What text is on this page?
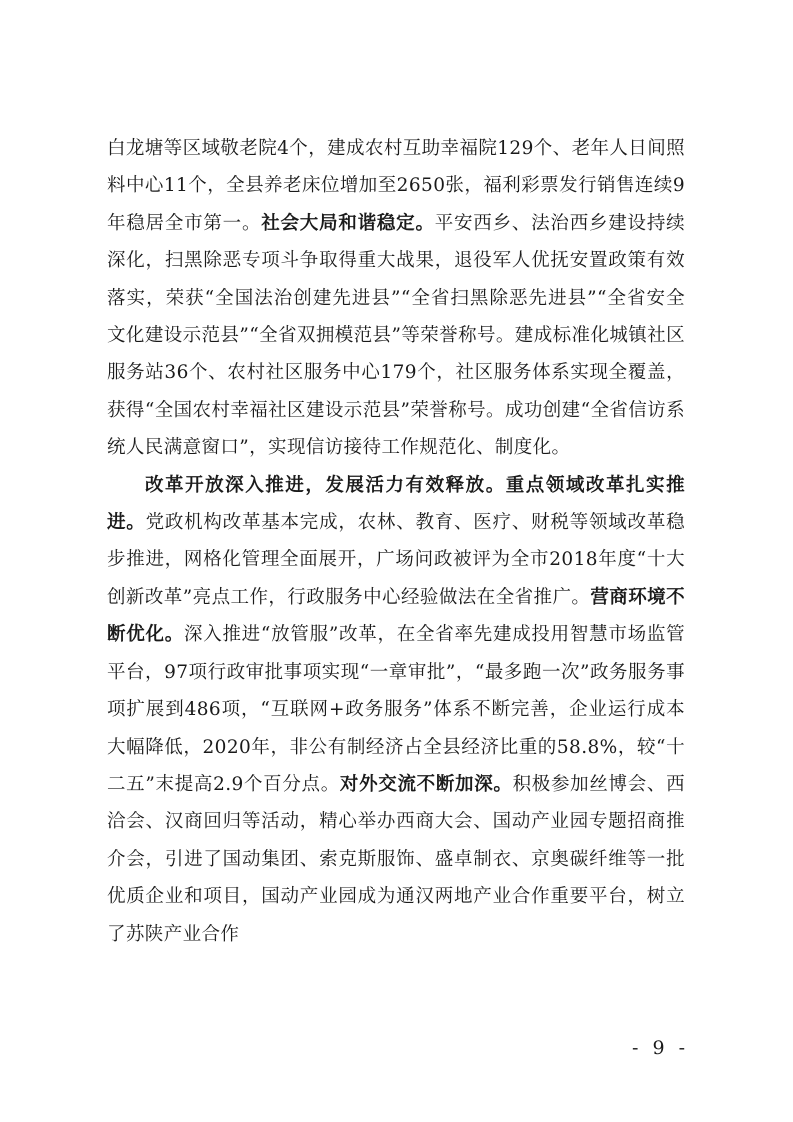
白龙塘等区域敬老院4个，建成农村互助幸福院129个、老年人日间照料中心11个，全县养老床位增加至2650张，福利彩票发行销售连续9年稳居全市第一。社会大局和谐稳定。平安西乡、法治西乡建设持续深化，扫黑除恶专项斗争取得重大战果，退役军人优抚安置政策有效落实，荣获“全国法治创建先进县”“全省扫黑除恶先进县”“全省安全文化建设示范县”“全省双拥模范县”等荣誉称号。建成标准化城镇社区服务站36个、农村社区服务中心179个，社区服务体系实现全覆盖，获得“全国农村幸福社区建设示范县”荣誉称号。成功创建“全省信访系统人民满意窗口”，实现信访接待工作规范化、制度化。

改革开放深入推进，发展活力有效释放。重点领域改革扎实推进。党政机构改革基本完成，农林、教育、医疗、财税等领域改革稳步推进，网格化管理全面展开，广场问政被评为全市2018年度“十大创新改革”亮点工作，行政服务中心经验做法在全省推广。营商环境不断优化。深入推进“放管服”改革，在全省率先建成投用智慧市场监管平台，97项行政审批事项实现“一章审批”，“最多跑一次”政务服务事项扩展到486项，“互联网+政务服务”体系不断完善，企业运行成本大幅降低，2020年，非公有制经济占全县经济比重的58.8%，较“十二五”末提高2.9个百分点。对外交流不断加深。积极参加丝博会、西洽会、汉商回归等活动，精心举办西商大会、国动产业园专题招商推介会，引进了国动集团、索克斯服饰、盛卓制衣、京奥碳纤维等一批优质企业和项目，国动产业园成为通汉两地产业合作重要平台，树立了苏陕产业合作

- 9 -
